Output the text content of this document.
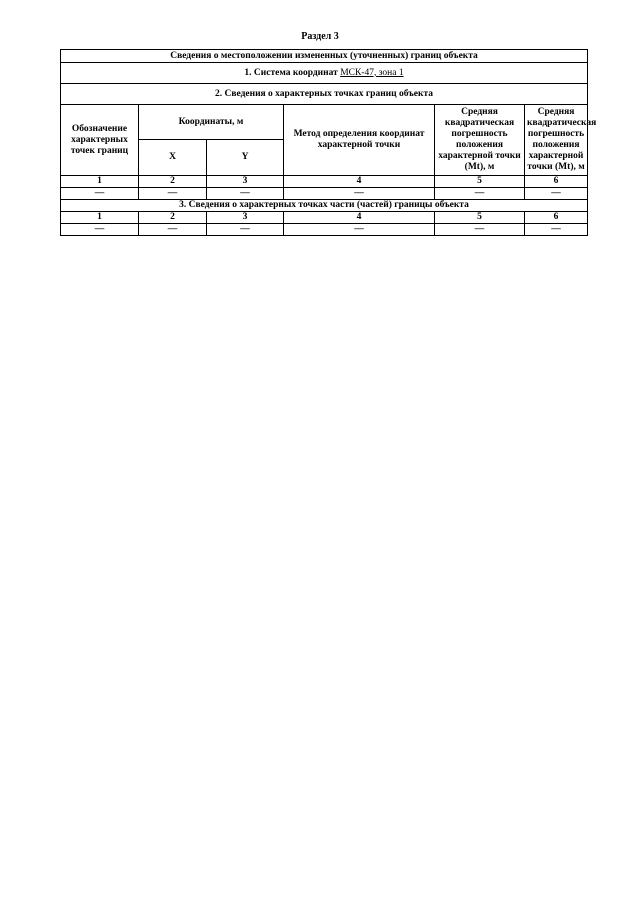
Раздел 3
Сведения о местоположении измененных (уточненных) границ объекта					
1. Система координат МСК-47, зона 1					
2. Сведения о характерных точках границ объекта					
Обозначение характерных точек границ	Координаты, м		Метод определения координат характерной точки	Средняя квадратическая погрешность положения характерной точки (Mt), м	Средняя квадратическая погрешность положения характерной точки (Mt), м
	X	Y			
1	2	3	4	5	6
—	—	—	—	—	—
3. Сведения о характерных точках части (частей) границы объекта					
1	2	3	4	5	6
—	—	—	—	—	—
